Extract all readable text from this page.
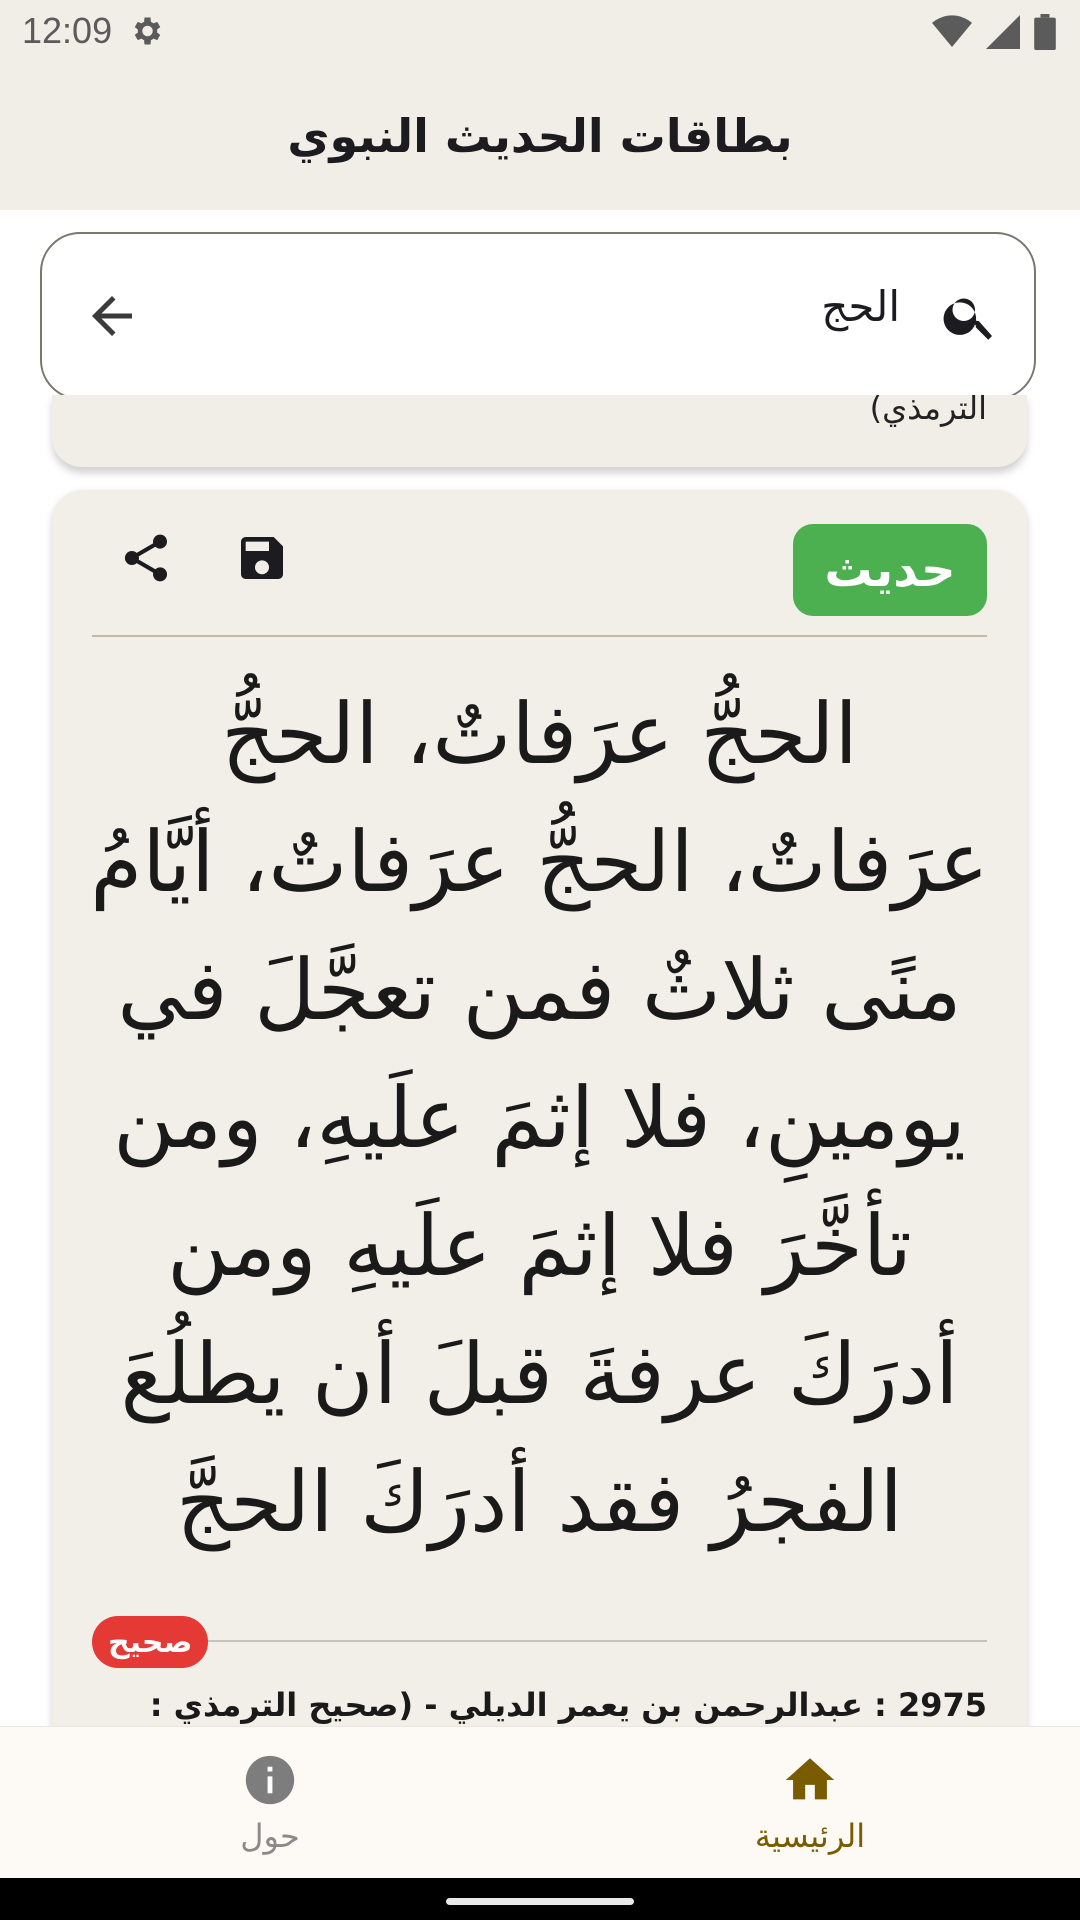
12:09
بطاقات الحديث النبوي
الحج
الترمذي)
حديث
الحجُّ عرَفاتٌ، الحجُّ عرَفاتٌ، الحجُّ عرَفاتٌ، أيَّامُ منًى ثلاثٌ فمن تعجَّلَ في يومينِ، فلا إثمَ علَيهِ، ومن تأخَّرَ فلا إثمَ علَيهِ ومن أدرَكَ عرفةَ قبلَ أن يطلُعَ الفجرُ فقد أدرَكَ الحجَّ
صحيح
2975 : عبدالرحمن بن يعمر الديلي - (صحيح الترمذي :
حول	الرئيسية
